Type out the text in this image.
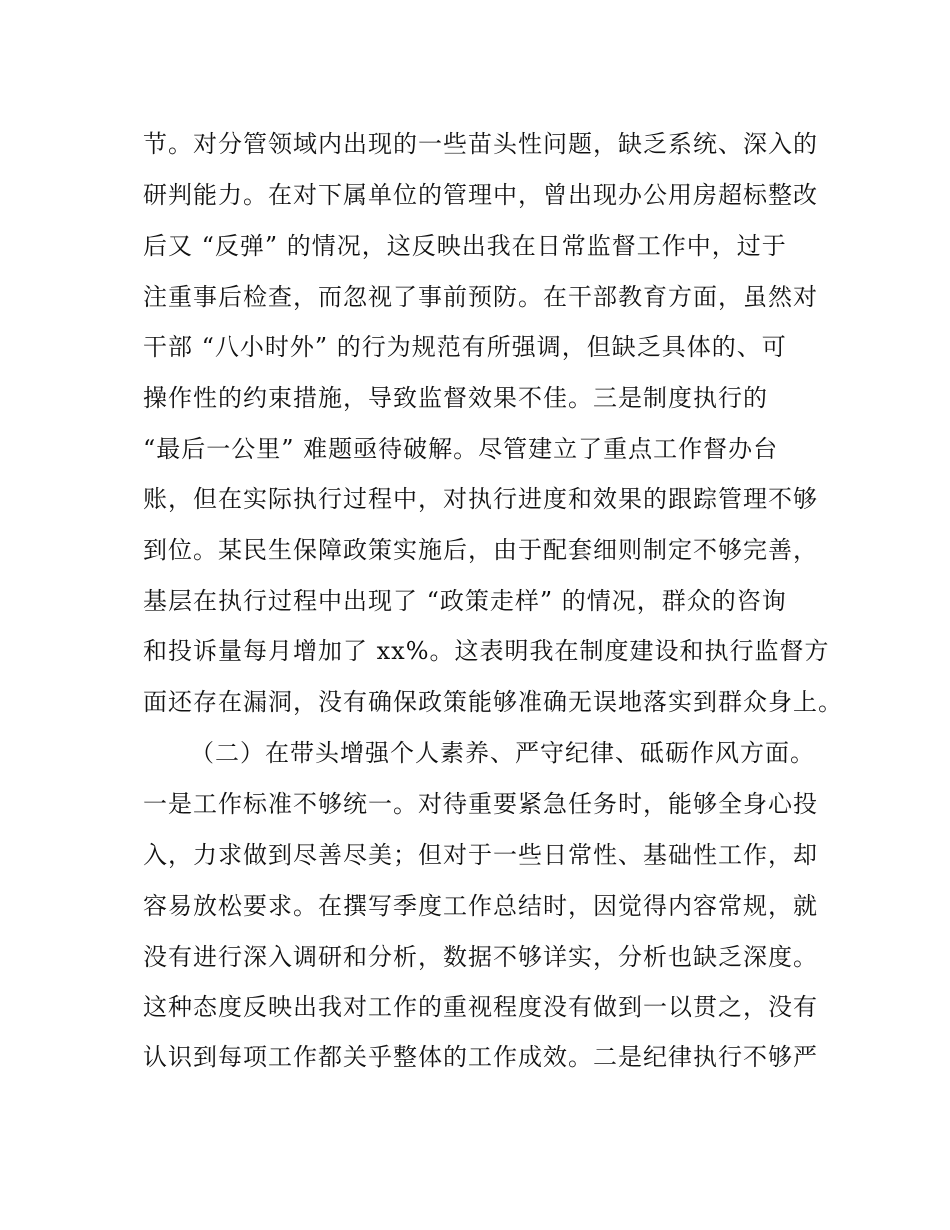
节。对分管领域内出现的一些苗头性问题，缺乏系统、深入的
研判能力。在对下属单位的管理中，曾出现办公用房超标整改
后又 “反弹” 的情况，这反映出我在日常监督工作中，过于
注重事后检查，而忽视了事前预防。在干部教育方面，虽然对
干部 “八小时外” 的行为规范有所强调，但缺乏具体的、可
操作性的约束措施，导致监督效果不佳。三是制度执行的
“最后一公里” 难题亟待破解。尽管建立了重点工作督办台
账，但在实际执行过程中，对执行进度和效果的跟踪管理不够
到位。某民生保障政策实施后，由于配套细则制定不够完善，
基层在执行过程中出现了 “政策走样” 的情况，群众的咨询
和投诉量每月增加了 xx%。这表明我在制度建设和执行监督方
面还存在漏洞，没有确保政策能够准确无误地落实到群众身上。
（二）在带头增强个人素养、严守纪律、砥砺作风方面。
一是工作标准不够统一。对待重要紧急任务时，能够全身心投
入，力求做到尽善尽美；但对于一些日常性、基础性工作，却
容易放松要求。在撰写季度工作总结时，因觉得内容常规，就
没有进行深入调研和分析，数据不够详实，分析也缺乏深度。
这种态度反映出我对工作的重视程度没有做到一以贯之，没有
认识到每项工作都关乎整体的工作成效。二是纪律执行不够严
